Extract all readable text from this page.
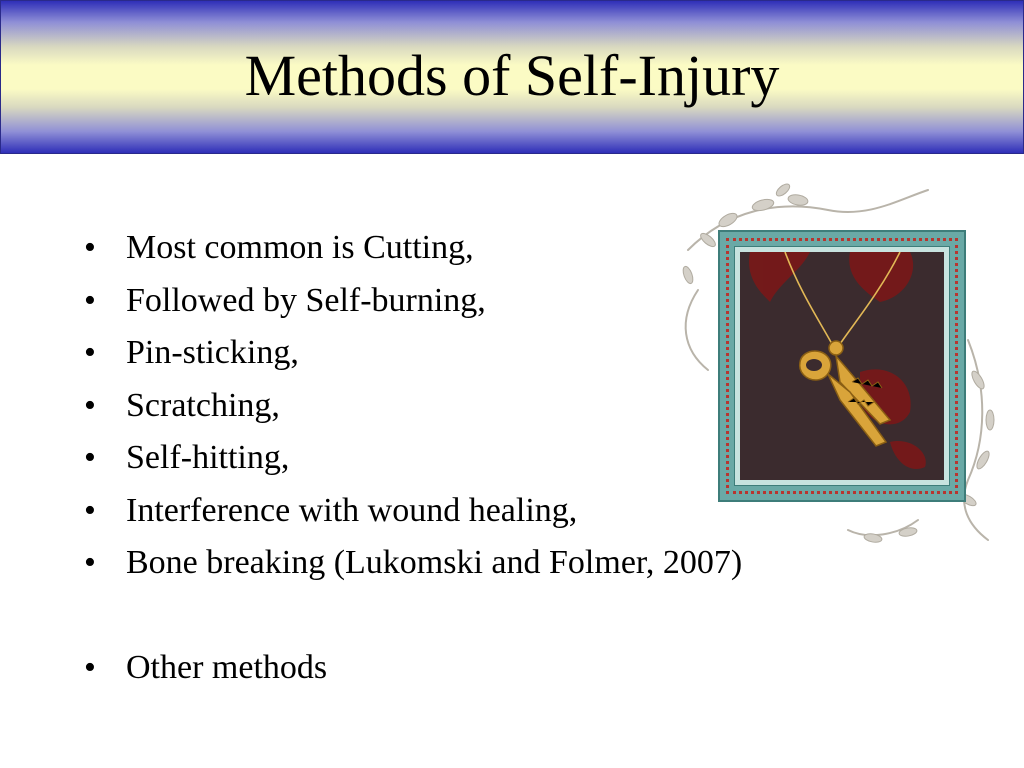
Methods of Self-Injury
• Most common is Cutting,
• Followed by Self-burning,
• Pin-sticking,
• Scratching,
• Self-hitting,
• Interference with wound healing,
• Bone breaking (Lukomski and Folmer, 2007)
• Other methods
